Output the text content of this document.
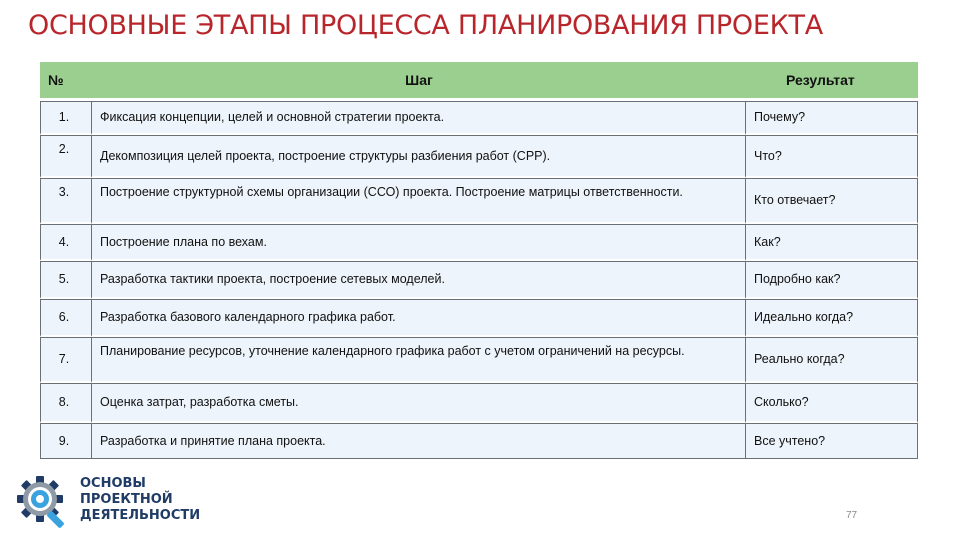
ОСНОВНЫЕ ЭТАПЫ ПРОЦЕССА ПЛАНИРОВАНИЯ ПРОЕКТА
№	Шаг	Результат
1.	Фиксация концепции, целей и основной стратегии проекта.	Почему?
2.	Декомпозиция целей проекта, построение структуры разбиения работ (СРР).	Что?
3.	Построение структурной схемы организации (ССО) проекта. Построение матрицы ответственности.	Кто отвечает?
4.	Построение плана по вехам.	Как?
5.	Разработка тактики проекта, построение сетевых моделей.	Подробно как?
6.	Разработка базового календарного графика работ.	Идеально когда?
7.	Планирование ресурсов, уточнение календарного графика работ с учетом ограничений на ресурсы.	Реально когда?
8.	Оценка затрат, разработка сметы.	Сколько?
9.	Разработка и принятие плана проекта.	Все учтено?
ОСНОВЫ
ПРОЕКТНОЙ
ДЕЯТЕЛЬНОСТИ	77
